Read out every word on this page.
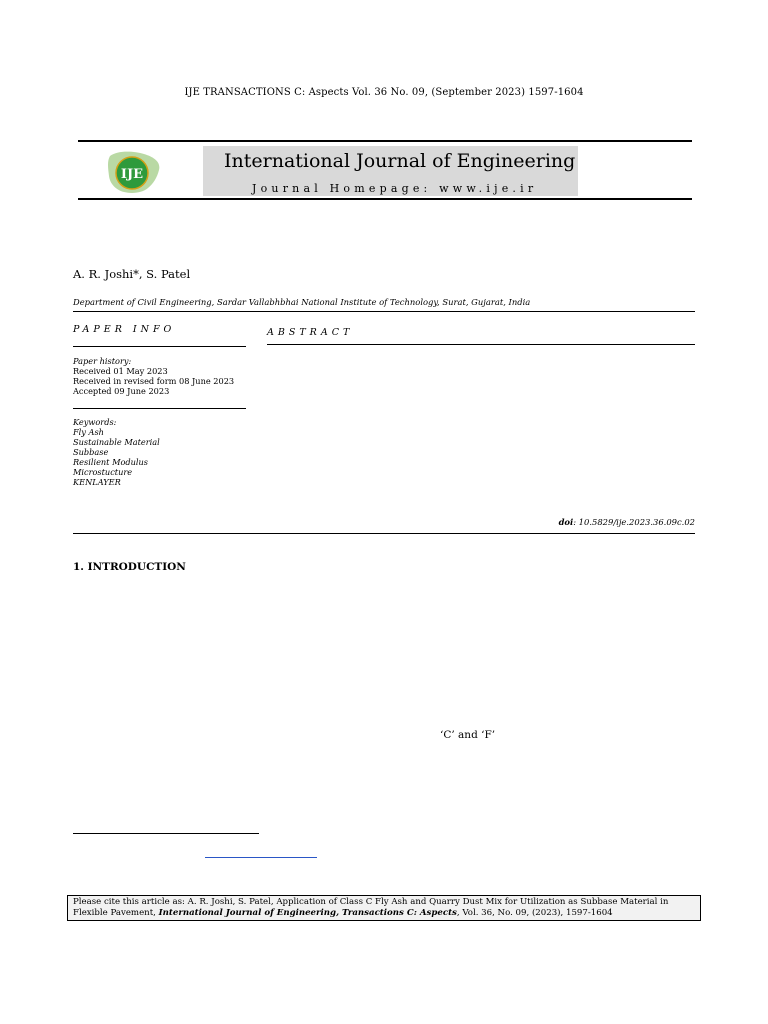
IJE TRANSACTIONS C: Aspects Vol. 36 No. 09, (September 2023) 1597-1604
IJE
International Journal of Engineering
Journal Homepage: www.ije.ir
A. R. Joshi*, S. Patel
Department of Civil Engineering, Sardar Vallabhbhai National Institute of Technology, Surat, Gujarat, India
PAPER INFO
Paper history:
Received 01 May 2023
Received in revised form 08 June 2023
Accepted 09 June 2023
Keywords:
Fly Ash
Sustainable Material
Subbase
Resilient Modulus
Microstucture
KENLAYER
ABSTRACT
doi: 10.5829/ije.2023.36.09c.02
1. INTRODUCTION
‘C’ and ‘F’
Please cite this article as: A. R. Joshi, S. Patel, Application of Class C Fly Ash and Quarry Dust Mix for Utilization as Subbase Material in Flexible Pavement, International Journal of Engineering, Transactions C: Aspects, Vol. 36, No. 09, (2023), 1597-1604
